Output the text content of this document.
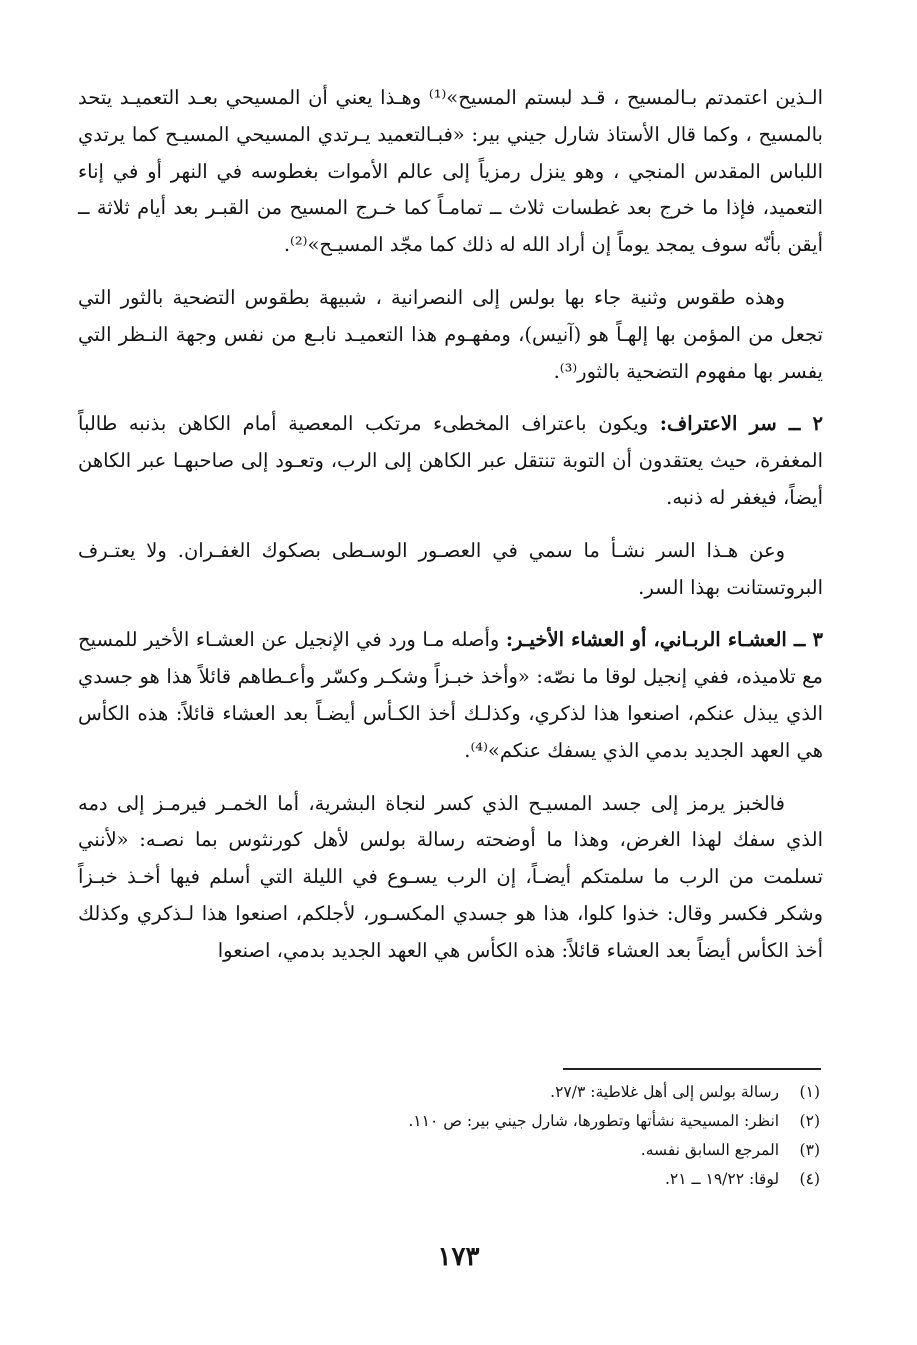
الـذين اعتمدتم بـالمسيح ، قـد لبستم المسيح»⁽¹⁾ وهـذا يعني أن المسيحي بعـد التعميـد يتحد بالمسيح ، وكما قال الأستاذ شارل جيني بير: «فبـالتعميد يـرتدي المسيحي المسيـح كما يرتدي اللباس المقدس المنجي ، وهو ينزل رمزياً إلى عالم الأموات بغطوسه في النهر أو في إناء التعميد، فإذا ما خرج بعد غطسات ثلاث ــ تمامـاً كما خـرج المسيح من القبـر بعد أيام ثلاثة ــ أيقن بأنّه سوف يمجد يوماً إن أراد الله له ذلك كما مجّد المسيـح»⁽²⁾.

وهذه طقوس وثنية جاء بها بولس إلى النصرانية ، شبيهة بطقوس التضحية بالثور التي تجعل من المؤمن بها إلهـاً هو (آنيس)، ومفهـوم هذا التعميـد نابـع من نفس وجهة النـظر التي يفسر بها مفهوم التضحية بالثور⁽³⁾.

٢ ــ سر الاعتراف: ويكون باعتراف المخطىء مرتكب المعصية أمام الكاهن بذنبه طالباً المغفرة، حيث يعتقدون أن التوبة تنتقل عبر الكاهن إلى الرب، وتعـود إلى صاحبهـا عبر الكاهن أيضاً، فيغفر له ذنبه.

وعن هـذا السر نشـأ ما سمي في العصـور الوسـطى بصكوك الغفـران. ولا يعتـرف البروتستانت بهذا السر.

٣ ــ العشـاء الربـاني، أو العشاء الأخيـر: وأصله مـا ورد في الإنجيل عن العشـاء الأخير للمسيح مع تلاميذه، ففي إنجيل لوقا ما نصّه: «وأخذ خبـزاً وشكـر وكسّر وأعـطاهم قائلاً هذا هو جسدي الذي يبذل عنكم، اصنعوا هذا لذكري، وكذلـك أخذ الكـأس أيضـاً بعد العشاء قائلاً: هذه الكأس هي العهد الجديد بدمي الذي يسفك عنكم»⁽⁴⁾.

فالخبز يرمز إلى جسد المسيـح الذي كسر لنجاة البشرية، أما الخمـر فيرمـز إلى دمه الذي سفك لهذا الغرض، وهذا ما أوضحته رسالة بولس لأهل كورنثوس بما نصـه: «لأنني تسلمت من الرب ما سلمتكم أيضـاً، إن الرب يسـوع في الليلة التي أسلم فيها أخـذ خبـزاً وشكر فكسر وقال: خذوا كلوا، هذا هو جسدي المكسـور، لأجلكم، اصنعوا هذا لـذكري وكذلك أخذ الكأس أيضاً بعد العشاء قائلاً: هذه الكأس هي العهد الجديد بدمي، اصنعوا

(١) رسالة بولس إلى أهل غلاطية: ٢٧/٣.
(٢) انظر: المسيحية نشأتها وتطورها، شارل جيني بير: ص ١١٠.
(٣) المرجع السابق نفسه.
(٤) لوقا: ١٩/٢٢ ــ ٢١.
١٧٣
